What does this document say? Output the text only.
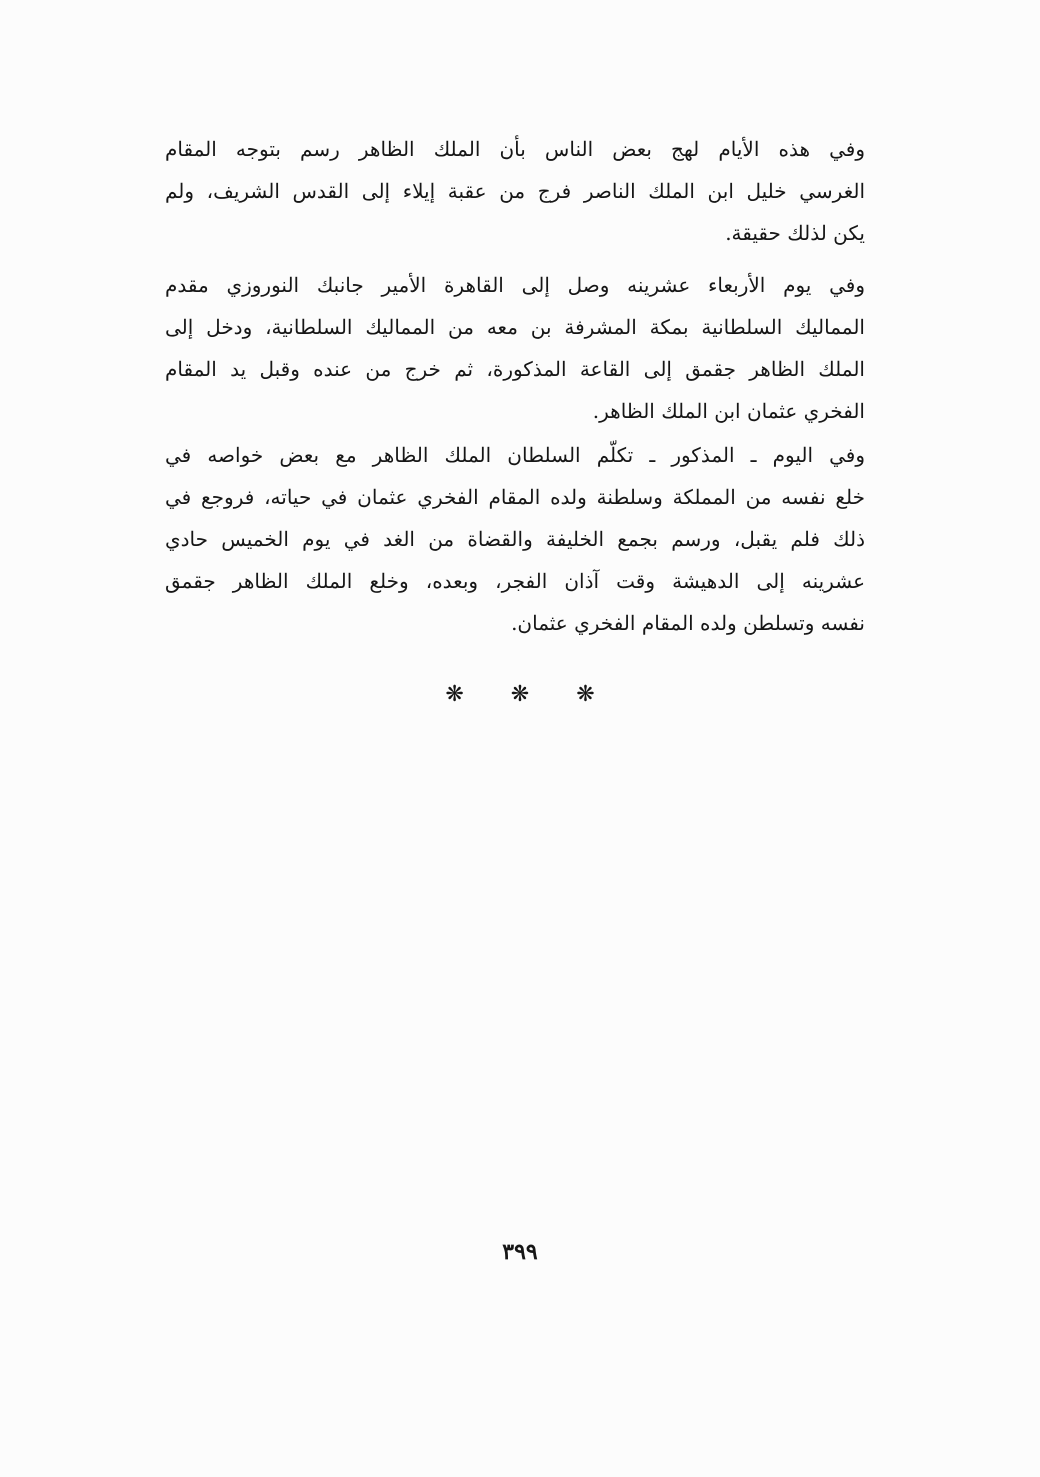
وفي هذه الأيام لهج بعض الناس بأن الملك الظاهر رسم بتوجه المقام
الغرسي خليل ابن الملك الناصر فرج من عقبة إيلاء إلى القدس الشريف، ولم
يكن لذلك حقيقة.
وفي يوم الأربعاء عشرينه وصل إلى القاهرة الأمير جانبك النوروزي مقدم
المماليك السلطانية بمكة المشرفة بن معه من المماليك السلطانية، ودخل إلى
الملك الظاهر جقمق إلى القاعة المذكورة، ثم خرج من عنده وقبل يد المقام
الفخري عثمان ابن الملك الظاهر.
وفي اليوم ـ المذكور ـ تكلّم السلطان الملك الظاهر مع بعض خواصه في
خلع نفسه من المملكة وسلطنة ولده المقام الفخري عثمان في حياته، فروجع في
ذلك فلم يقبل، ورسم بجمع الخليفة والقضاة من الغد في يوم الخميس حادي
عشرينه إلى الدهيشة وقت آذان الفجر، وبعده، وخلع الملك الظاهر جقمق
نفسه وتسلطن ولده المقام الفخري عثمان.
❋ ❋ ❋
٣٩٩
